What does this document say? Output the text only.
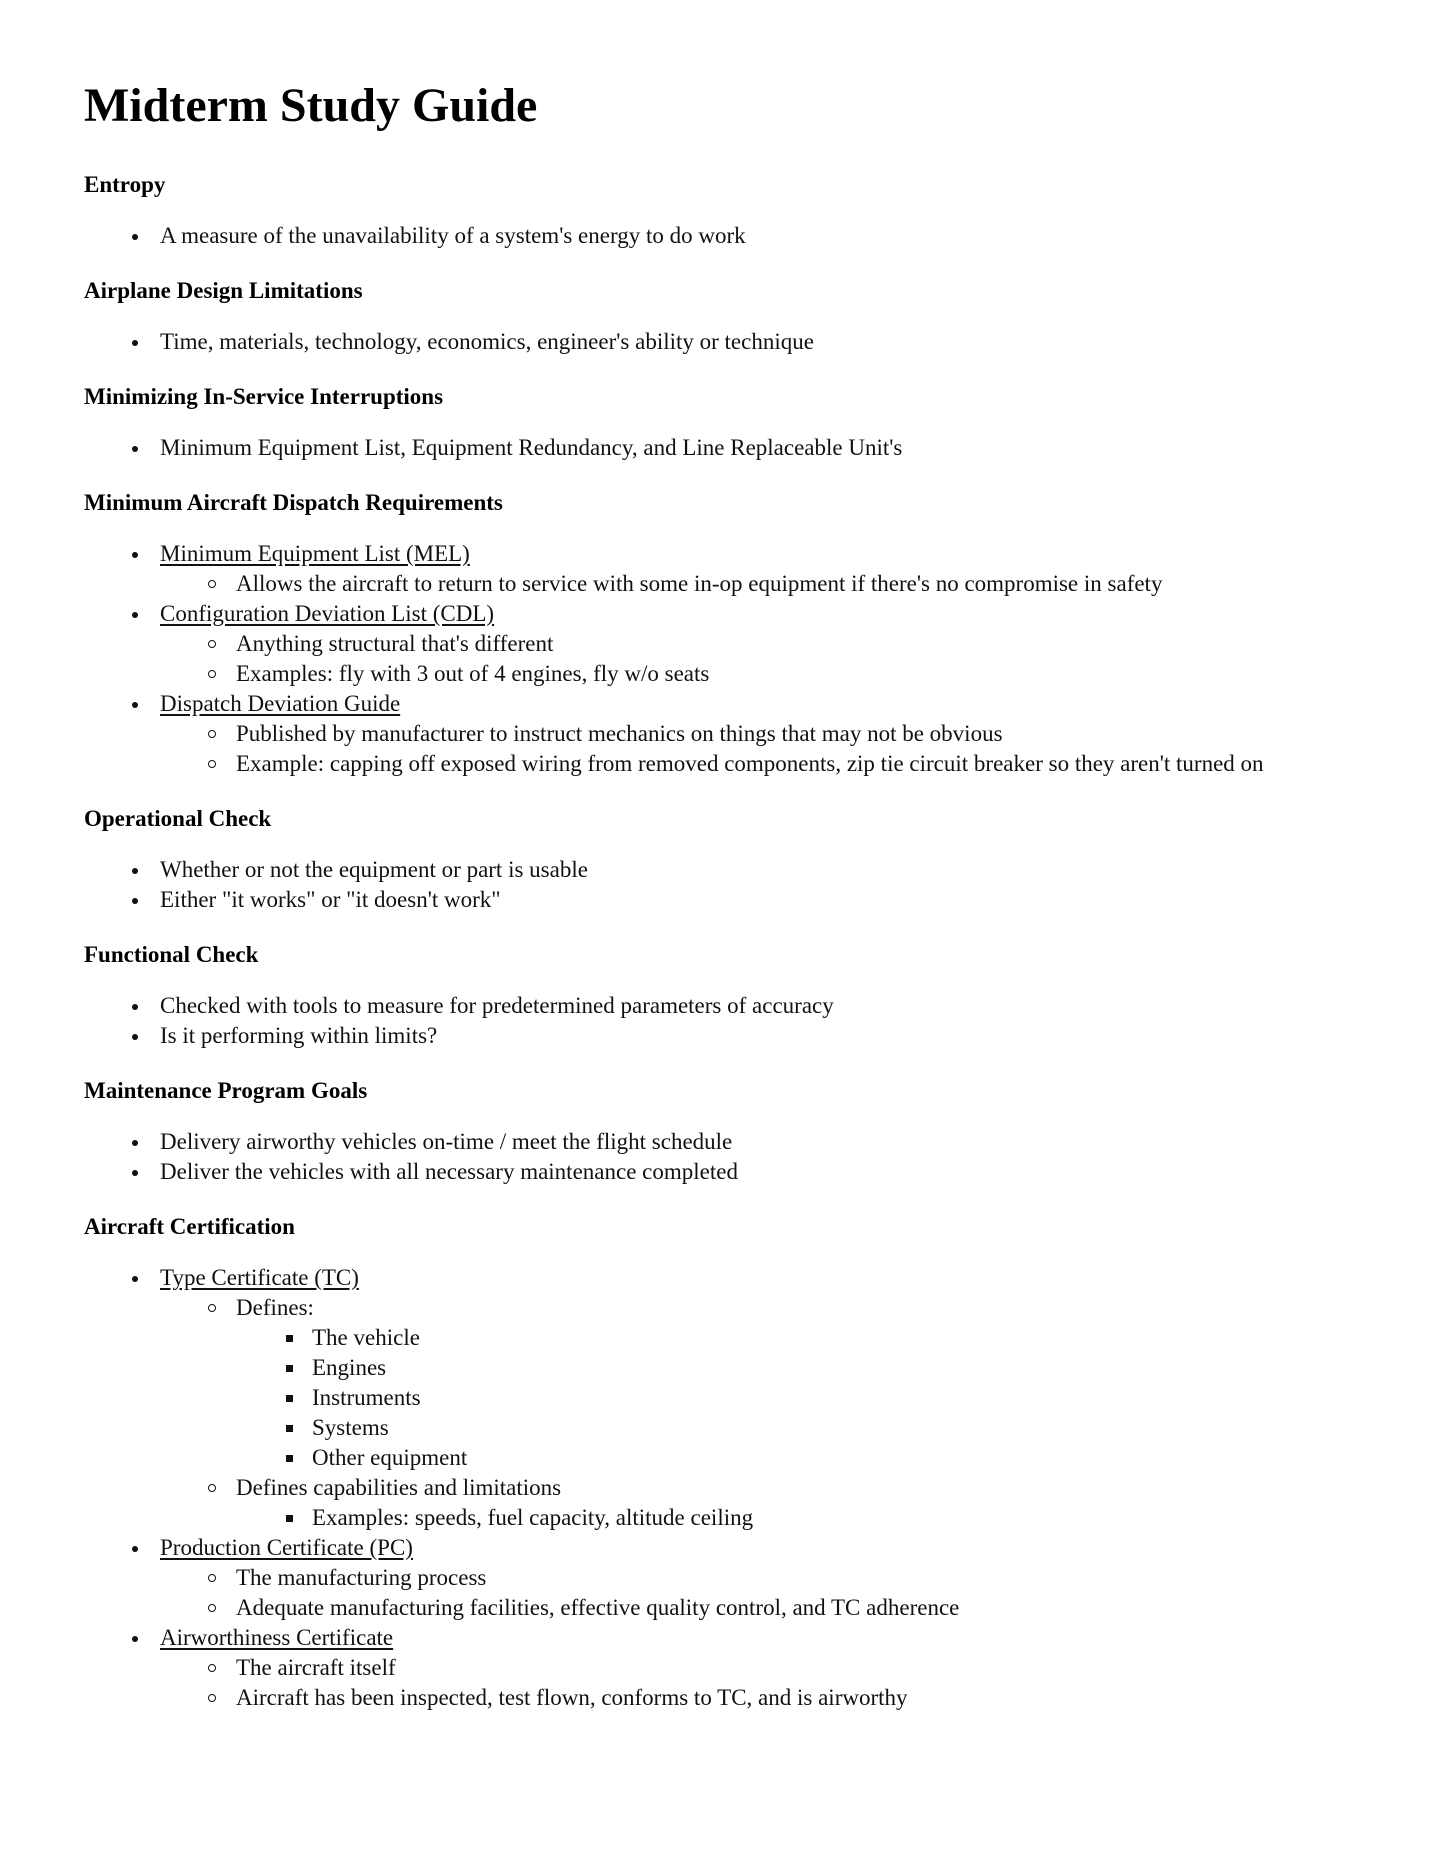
Midterm Study Guide
Entropy
A measure of the unavailability of a system's energy to do work
Airplane Design Limitations
Time, materials, technology, economics, engineer's ability or technique
Minimizing In-Service Interruptions
Minimum Equipment List, Equipment Redundancy, and Line Replaceable Unit's
Minimum Aircraft Dispatch Requirements
Minimum Equipment List (MEL)
Allows the aircraft to return to service with some in-op equipment if there's no compromise in safety
Configuration Deviation List (CDL)
Anything structural that's different
Examples: fly with 3 out of 4 engines, fly w/o seats
Dispatch Deviation Guide
Published by manufacturer to instruct mechanics on things that may not be obvious
Example: capping off exposed wiring from removed components, zip tie circuit breaker so they aren't turned on
Operational Check
Whether or not the equipment or part is usable
Either "it works" or "it doesn't work"
Functional Check
Checked with tools to measure for predetermined parameters of accuracy
Is it performing within limits?
Maintenance Program Goals
Delivery airworthy vehicles on-time / meet the flight schedule
Deliver the vehicles with all necessary maintenance completed
Aircraft Certification
Type Certificate (TC)
Defines:
The vehicle
Engines
Instruments
Systems
Other equipment
Defines capabilities and limitations
Examples: speeds, fuel capacity, altitude ceiling
Production Certificate (PC)
The manufacturing process
Adequate manufacturing facilities, effective quality control, and TC adherence
Airworthiness Certificate
The aircraft itself
Aircraft has been inspected, test flown, conforms to TC, and is airworthy
